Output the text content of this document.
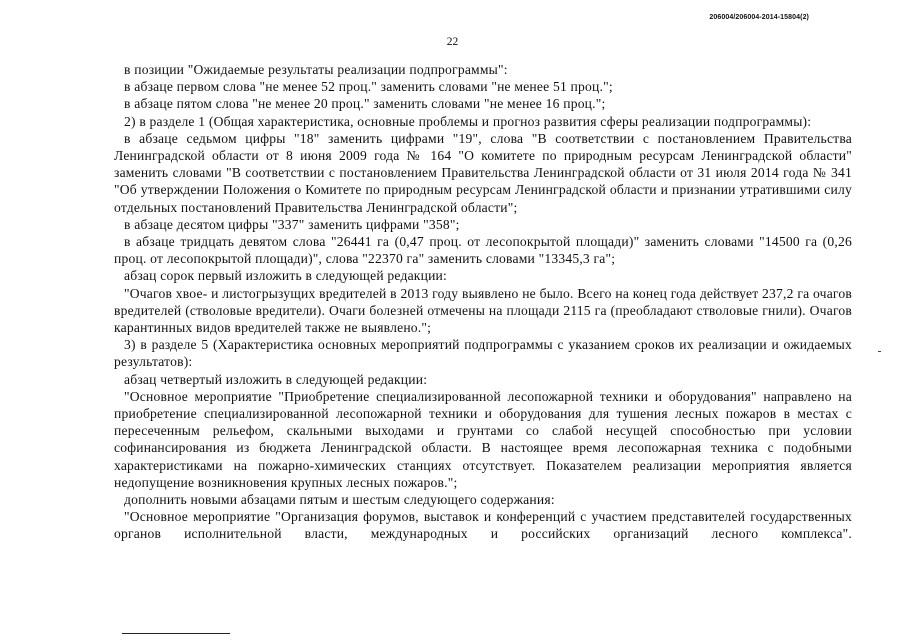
206004/206004-2014-15804(2)
22

в позиции "Ожидаемые результаты реализации подпрограммы":

в абзаце первом слова "не менее 52 проц." заменить словами "не менее 51 проц.";

в абзаце пятом слова "не менее 20 проц." заменить словами "не менее 16 проц.";

2) в разделе 1 (Общая характеристика, основные проблемы и прогноз развития сферы реализации подпрограммы):

в абзаце седьмом цифры "18" заменить цифрами "19", слова "В соответствии с постановлением Правительства Ленинградской области от 8 июня 2009 года № 164 "О комитете по природным ресурсам Ленинградской области" заменить словами "В соответствии с постановлением Правительства Ленинградской области от 31 июля 2014 года № 341 "Об утверждении Положения о Комитете по природным ресурсам Ленинградской области и признании утратившими силу отдельных постановлений Правительства Ленинградской области";

в абзаце десятом цифры "337" заменить цифрами "358";

в абзаце тридцать девятом слова "26441 га (0,47 проц. от лесопокрытой площади)" заменить словами "14500 га (0,26 проц. от лесопокрытой площади)", слова "22370 га" заменить словами "13345,3 га";

абзац сорок первый изложить в следующей редакции:

"Очагов хвое- и листогрызущих вредителей в 2013 году выявлено не было. Всего на конец года действует 237,2 га очагов вредителей (стволовые вредители). Очаги болезней отмечены на площади 2115 га (преобладают стволовые гнили). Очагов карантинных видов вредителей также не выявлено.";

3) в разделе 5 (Характеристика основных мероприятий подпрограммы с указанием сроков их реализации и ожидаемых результатов):

абзац четвертый изложить в следующей редакции:

"Основное мероприятие "Приобретение специализированной лесопожарной техники и оборудования" направлено на приобретение специализированной лесопожарной техники и оборудования для тушения лесных пожаров в местах с пересеченным рельефом, скальными выходами и грунтами со слабой несущей способностью при условии софинансирования из бюджета Ленинградской области. В настоящее время лесопожарная техника с подобными характеристиками на пожарно-химических станциях отсутствует. Показателем реализации мероприятия является недопущение возникновения крупных лесных пожаров.";

дополнить новыми абзацами пятым и шестым следующего содержания:

"Основное мероприятие "Организация форумов, выставок и конференций с участием представителей государственных органов исполнительной власти, международных и российских организаций лесного комплекса".
